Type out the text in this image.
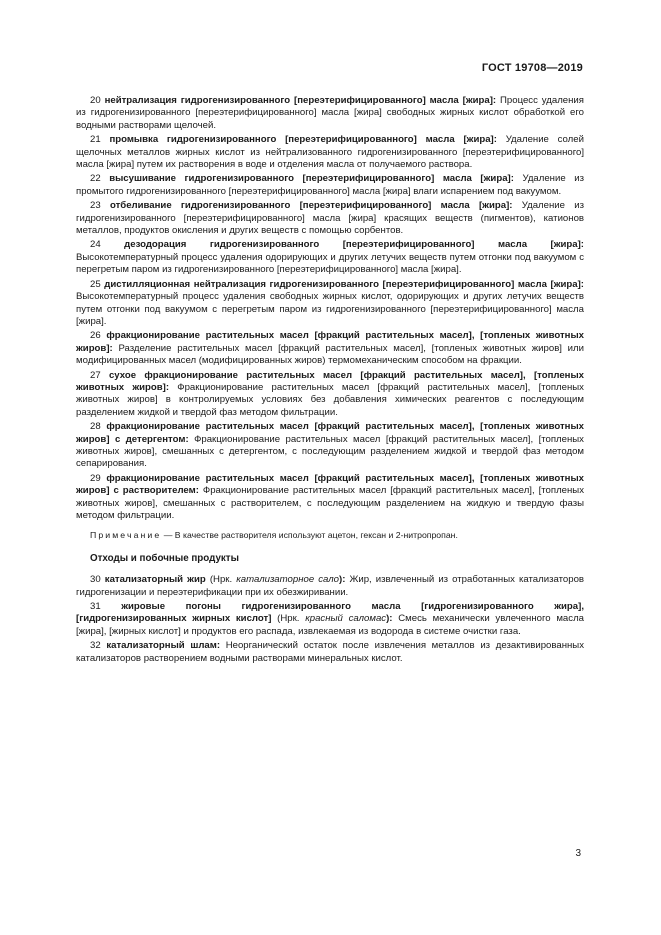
ГОСТ 19708—2019

20 нейтрализация гидрогенизированного [переэтерифицированного] масла [жира]: Процесс удаления из гидрогенизированного [переэтерифицированного] масла [жира] свободных жирных кислот обработкой его водными растворами щелочей.

21 промывка гидрогенизированного [переэтерифицированного] масла [жира]: Удаление солей щелочных металлов жирных кислот из нейтрализованного гидрогенизированного [переэтерифицированного] масла [жира] путем их растворения в воде и отделения масла от получаемого раствора.

22 высушивание гидрогенизированного [переэтерифицированного] масла [жира]: Удаление из промытого гидрогенизированного [переэтерифицированного] масла [жира] влаги испарением под вакуумом.

23 отбеливание гидрогенизированного [переэтерифицированного] масла [жира]: Удаление из гидрогенизированного [переэтерифицированного] масла [жира] красящих веществ (пигментов), катионов металлов, продуктов окисления и других веществ с помощью сорбентов.

24 дезодорация гидрогенизированного [переэтерифицированного] масла [жира]: Высокотемпературный процесс удаления одорирующих и других летучих веществ путем отгонки под вакуумом с перегретым паром из гидрогенизированного [переэтерифицированного] масла [жира].

25 дистилляционная нейтрализация гидрогенизированного [переэтерифицированного] масла [жира]: Высокотемпературный процесс удаления свободных жирных кислот, одорирующих и других летучих веществ путем отгонки под вакуумом с перегретым паром из гидрогенизированного [переэтерифицированного] масла [жира].

26 фракционирование растительных масел [фракций растительных масел], [топленых животных жиров]: Разделение растительных масел [фракций растительных масел], [топленых животных жиров] или модифицированных масел (модифицированных жиров) термомеханическим способом на фракции.

27 сухое фракционирование растительных масел [фракций растительных масел], [топленых животных жиров]: Фракционирование растительных масел [фракций растительных масел], [топленых животных жиров] в контролируемых условиях без добавления химических реагентов с последующим разделением жидкой и твердой фаз методом фильтрации.

28 фракционирование растительных масел [фракций растительных масел], [топленых животных жиров] с детергентом: Фракционирование растительных масел [фракций растительных масел], [топленых животных жиров], смешанных с детергентом, с последующим разделением жидкой и твердой фаз методом сепарирования.

29 фракционирование растительных масел [фракций растительных масел], [топленых животных жиров] с растворителем: Фракционирование растительных масел [фракций растительных масел], [топленых животных жиров], смешанных с растворителем, с последующим разделением на жидкую и твердую фазы методом фильтрации.

Примечание — В качестве растворителя используют ацетон, гексан и 2-нитропропан.

Отходы и побочные продукты

30 катализаторный жир (Нрк. катализаторное сало): Жир, извлеченный из отработанных катализаторов гидрогенизации и переэтерификации при их обезжиривании.

31 жировые погоны гидрогенизированного масла [гидрогенизированного жира], [гидрогенизированных жирных кислот] (Нрк. красный саломас): Смесь механически увлеченного масла [жира], [жирных кислот] и продуктов его распада, извлекаемая из водорода в системе очистки газа.

32 катализаторный шлам: Неорганический остаток после извлечения металлов из дезактивированных катализаторов растворением водными растворами минеральных кислот.

3
